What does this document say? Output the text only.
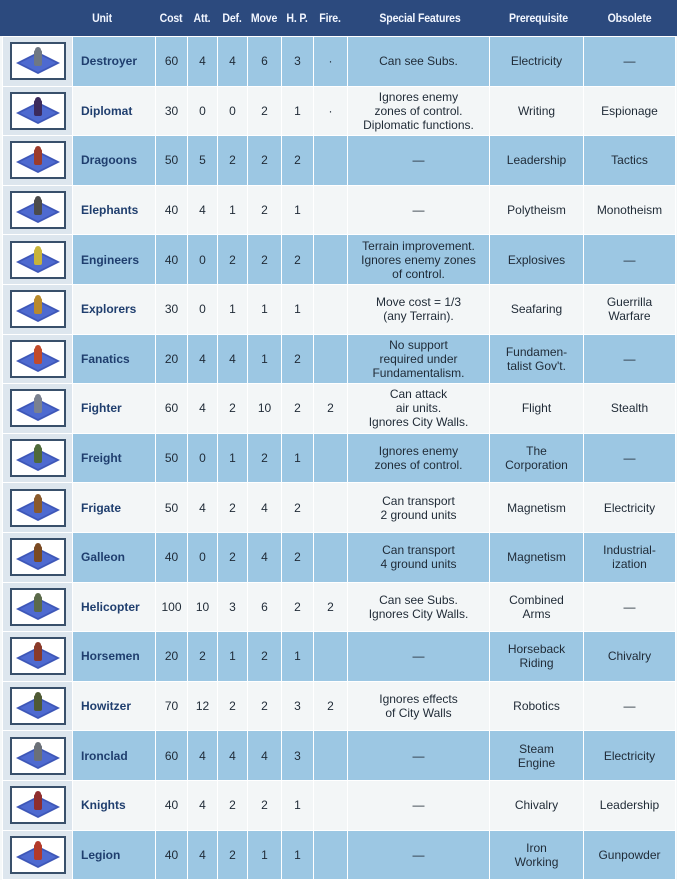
Unit	Cost Att. Def. Move H. P. Fire.	Special Features	Prerequisite	Obsolete
	Destroyer	60	4	4	6	3	·	Can see Subs.	Electricity	—

	Diplomat	30	0	0	2	1	·	Ignores enemy
zones of control.
Diplomatic functions.	Writing	Espionage

	Dragoons	50	5	2	2	2		—	Leadership	Tactics

	Elephants	40	4	1	2	1		—	Polytheism	Monotheism

	Engineers	40	0	2	2	2		Terrain improvement.
Ignores enemy zones
of control.	Explosives	—

	Explorers	30	0	1	1	1		Move cost = 1/3
(any Terrain).	Seafaring	Guerrilla
Warfare

	Fanatics	20	4	4	1	2		No support
required under
Fundamentalism.	Fundamen-
talist Gov't.	—

	Fighter	60	4	2	10	2	2	Can attack
air units.
Ignores City Walls.	Flight	Stealth

	Freight	50	0	1	2	1		Ignores enemy
zones of control.	The
Corporation	—

	Frigate	50	4	2	4	2		Can transport
2 ground units	Magnetism	Electricity

	Galleon	40	0	2	4	2		Can transport
4 ground units	Magnetism	Industrial-
ization

	Helicopter	100	10	3	6	2	2	Can see Subs.
Ignores City Walls.	Combined
Arms	—

	Horsemen	20	2	1	2	1		—	Horseback
Riding	Chivalry

	Howitzer	70	12	2	2	3	2	Ignores effects
of City Walls	Robotics	—

	Ironclad	60	4	4	4	3		—	Steam
Engine	Electricity

	Knights	40	4	2	2	1		—	Chivalry	Leadership

	Legion	40	4	2	1	1		—	Iron
Working	Gunpowder
